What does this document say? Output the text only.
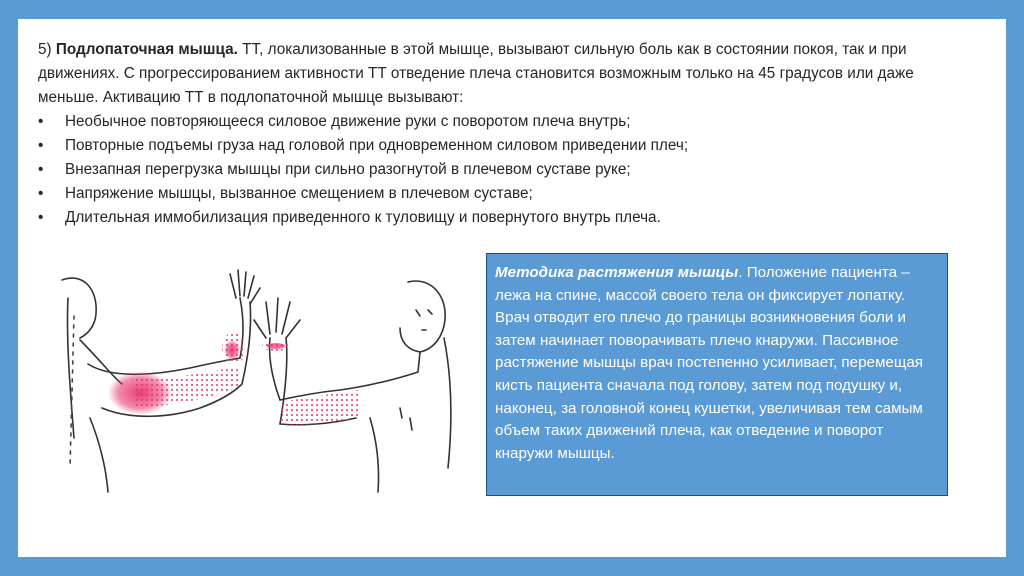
5) Подлопаточная мышца. ТТ, локализованные в этой мышце, вызывают сильную боль как в состоянии покоя, так и при движениях. С прогрессированием активности ТТ отведение плеча становится возможным только на 45 градусов или даже меньше. Активацию ТТ в подлопаточной мышце вызывают:
• Необычное повторяющееся силовое движение руки с поворотом плеча внутрь;
• Повторные подъемы груза над головой при одновременном силовом приведении плеч;
• Внезапная перегрузка мышцы при сильно разогнутой в плечевом суставе руке;
• Напряжение мышцы, вызванное смещением в плечевом суставе;
• Длительная иммобилизация приведенного к туловищу и повернутого внутрь плеча.
Методика растяжения мышцы. Положение пациента – лежа на спине, массой своего тела он фиксирует лопатку. Врач отводит его плечо до границы возникновения боли и затем начинает поворачивать плечо кнаружи. Пассивное растяжение мышцы врач постепенно усиливает, перемещая кисть пациента сначала под голову, затем под подушку и, наконец, за головной конец кушетки, увеличивая тем самым объем таких движений плеча, как отведение и поворот кнаружи мышцы.
